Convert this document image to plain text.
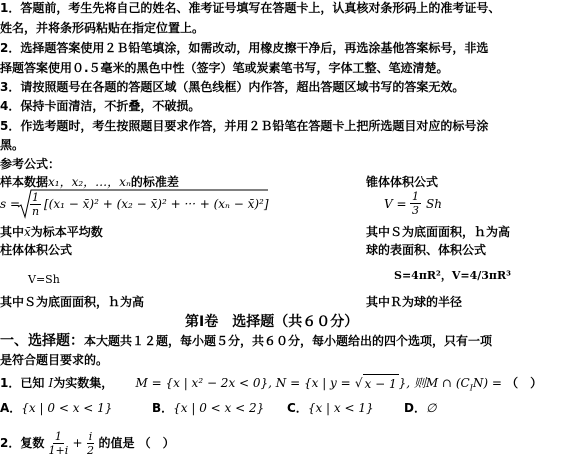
1．答题前，考生先将自己的姓名、准考证号填写在答题卡上，认真核对条形码上的准考证号、
姓名，并将条形码粘贴在指定位置上。
2．选择题答案使用２Ｂ铅笔填涂，如需改动，用橡皮擦干净后，再选涂基他答案标号，非选
择题答案使用０.５毫米的黑色中性（签字）笔或炭素笔书写，字体工整、笔迹清楚。
3．请按照题号在各题的答题区域（黑色线框）内作答，超出答题区域书写的答案无效。
4．保持卡面清洁，不折叠，不破损。
5．作选考题时，考生按照题目要求作答，并用２Ｂ铅笔在答题卡上把所选题目对应的标号涂
黑。
参考公式：
样本数据x₁，x₂，…，xₙ的标准差	锥体体积公式
$s = \frac{1}{n} [(x_1$ − x̄)² + (x₂ − x̄)² + ··· + (xₙ − x̄)²]	$V = \frac{1}{3}$ Sh
其中x̄为标本平均数	其中Ｓ为底面面积，ｈ为高
柱体体积公式	球的表面积、体积公式
V=Sh	S=4πR²，V=4/3πR³
其中Ｓ为底面面积，ｈ为高	其中Ｒ为球的半径
第Ⅰ卷　选择题（共６０分）
一、选择题：本大题共１２题，每小题５分，共６０分，每小题给出的四个选项，只有一项
是符合题目要求的。
1．已知 I为实数集， M = {x | x² − 2x < 0}, N = {x | y = √ x − 1 }, 则M ∩ $(C_IN)$ = （　）
A．{x | 0 < x < 1}	B．{x | 0 < x < 2} C．{x | x < 1}	D．∅
2．复数 $\frac{1}{1+i} + \frac{i}{2}$ 的值是 （　）
